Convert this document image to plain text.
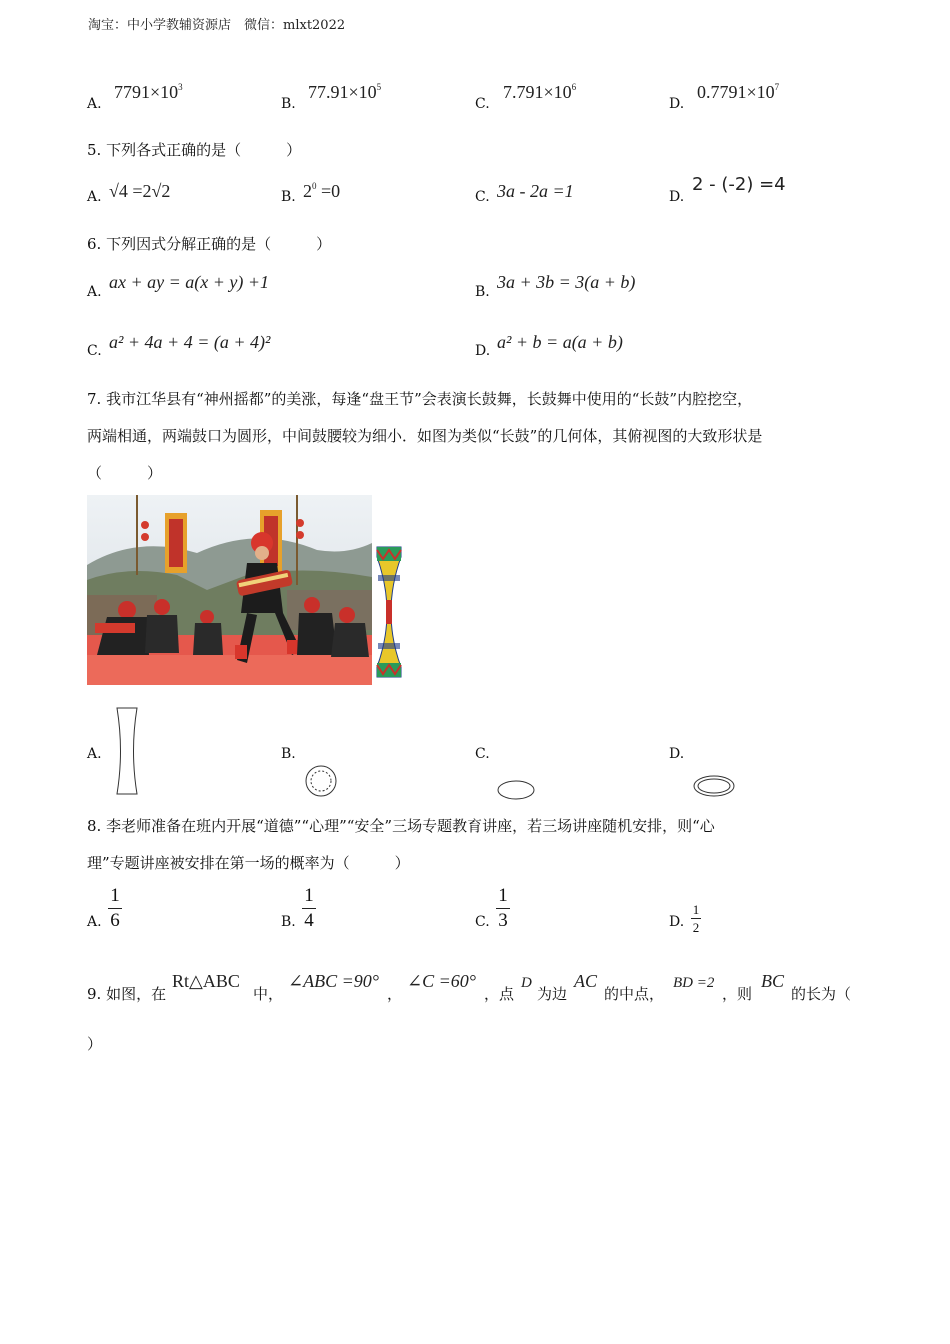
淘宝：中小学教辅资源店　微信：mlxt2022
A.
$7791\times 10^3$
B.
$77.91\times 10^5$
C.
$7.791\times 10^6$
D.
$0.7791\times 10^7$
5. 下列各式正确的是（　　　）
A. √4 =2√2	B. $2^0 =0$	C. 3a - 2a =1	D.
2 - (-2) =4
6. 下列因式分解正确的是（　　　）
A. ax + ay = a(x + y) +1	B. 3a + 3b = 3(a + b)
C. a² + 4a + 4 = (a + 4)²	D. a² + b = a(a + b)
7. 我市江华县有“神州摇都”的美涨，每逢“盘王节”会表演长鼓舞，长鼓舞中使用的“长鼓”内腔挖空，
两端相通，两端鼓口为圆形，中间鼓腰较为细小．如图为类似“长鼓”的几何体，其俯视图的大致形状是
（　　　）
A.	B.	C.	D.
8. 李老师准备在班内开展“道德”“心理”“安全”三场专题教育讲座，若三场讲座随机安排，则“心
理”专题讲座被安排在第一场的概率为（　　　）
A.
1
6	B.
1
4	C.
1
3	D.
1
2
9. 如图，在
Rt△ABC
中，
∠ABC =90°
，
∠C =60°
，点
D
为边
AC
的中点，
BD =2
，则
BC
的长为（
）
